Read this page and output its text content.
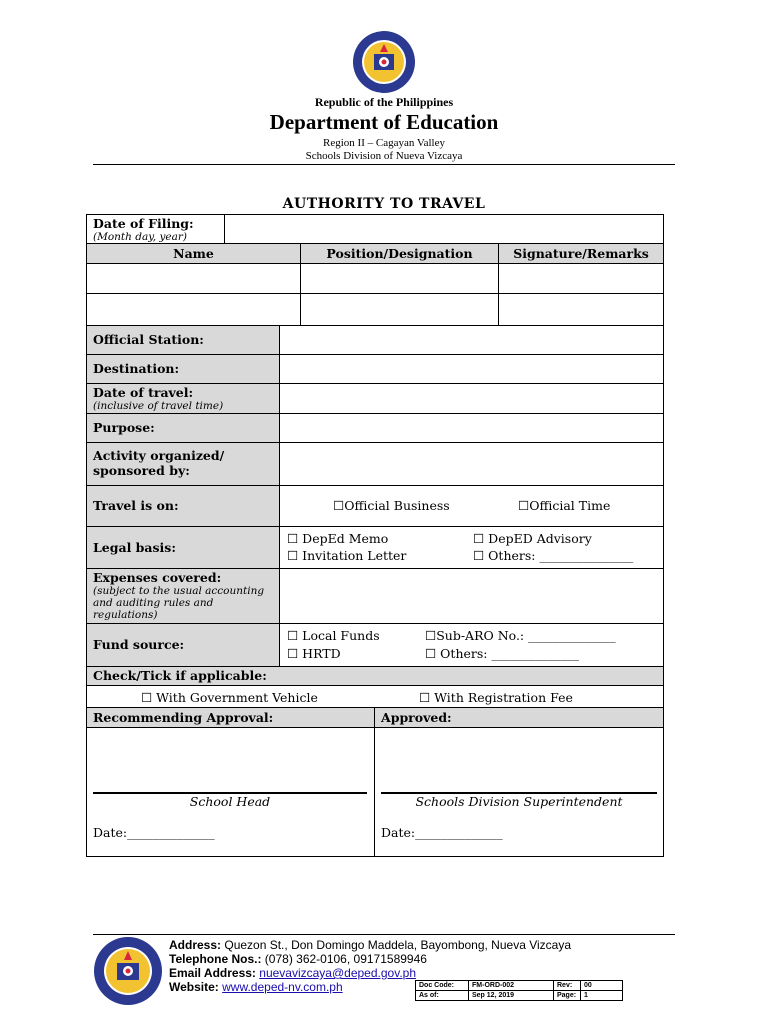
Republic of the Philippines
Department of Education
Region II – Cagayan Valley
Schools Division of Nueva Vizcaya
AUTHORITY TO TRAVEL
Date of Filing:
(Month day, year)
Name	Position/Designation	Signature/Remarks
Official Station:
Destination:
Date of travel:
(inclusive of travel time)
Purpose:
Activity organized/
sponsored by:
Travel is on:	☐Official Business	☐Official Time
Legal basis:
☐ DepEd Memo	☐ DepED Advisory
☐ Invitation Letter	☐ Others: _______________
Expenses covered:
(subject to the usual accounting
and auditing rules and
regulations)
Fund source:
☐ Local Funds	☐Sub-ARO No.: ______________
☐ HRTD	☐ Others: ______________
Check/Tick if applicable:
☐ With Government Vehicle	☐ With Registration Fee
Recommending Approval:	Approved:
School Head
Date:______________
Schools Division Superintendent
Date:______________
Address: Quezon St., Don Domingo Maddela, Bayombong, Nueva Vizcaya
Telephone Nos.: (078) 362-0106, 09171589946
Email Address: nuevavizcaya@deped.gov.ph
Website: www.deped-nv.com.ph	Doc Code:	FM-ORD-002	Rev:	00
As of:	Sep 12, 2019	Page:	1
